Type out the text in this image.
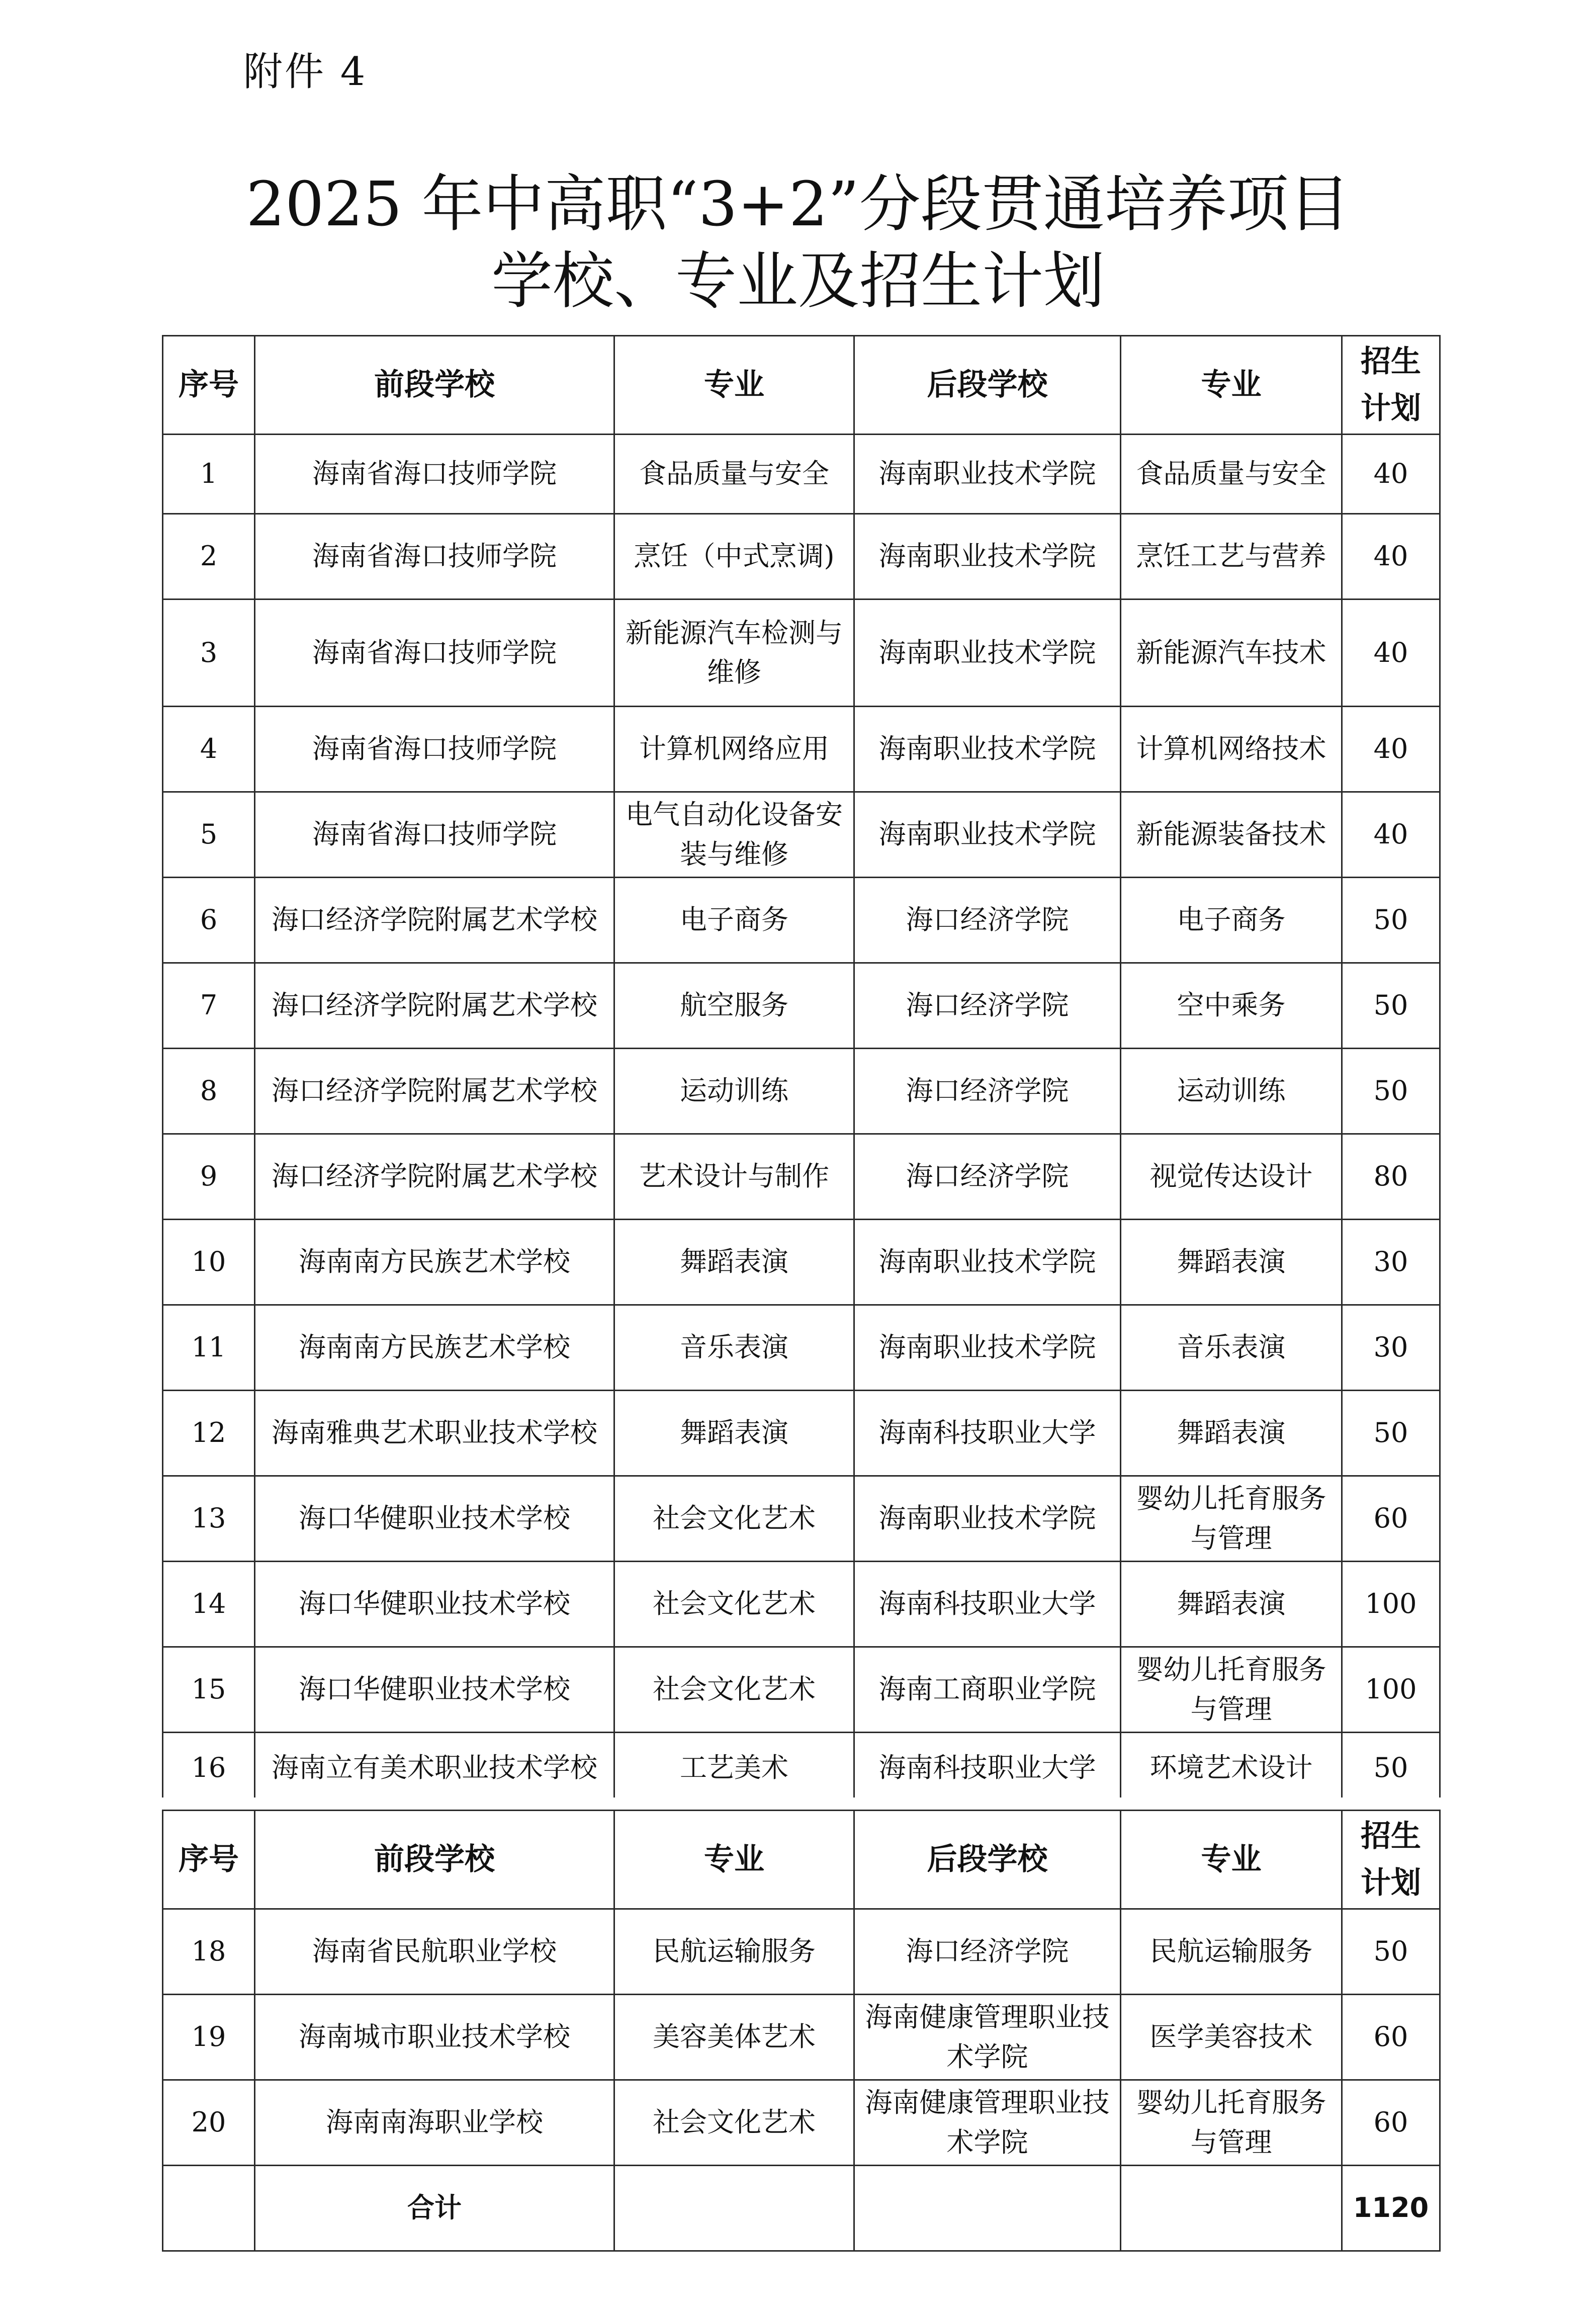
附件 4
2025 年中高职“3+2”分段贯通培养项目
学校、专业及招生计划
序号	前段学校	专业	后段学校	专业	招生计划
1	海南省海口技师学院	食品质量与安全	海南职业技术学院	食品质量与安全	40
2	海南省海口技师学院	烹饪（中式烹调)	海南职业技术学院	烹饪工艺与营养	40
3	海南省海口技师学院	新能源汽车检测与维修	海南职业技术学院	新能源汽车技术	40
4	海南省海口技师学院	计算机网络应用	海南职业技术学院	计算机网络技术	40
5	海南省海口技师学院	电气自动化设备安装与维修	海南职业技术学院	新能源装备技术	40
6	海口经济学院附属艺术学校	电子商务	海口经济学院	电子商务	50
7	海口经济学院附属艺术学校	航空服务	海口经济学院	空中乘务	50
8	海口经济学院附属艺术学校	运动训练	海口经济学院	运动训练	50
9	海口经济学院附属艺术学校	艺术设计与制作	海口经济学院	视觉传达设计	80
10	海南南方民族艺术学校	舞蹈表演	海南职业技术学院	舞蹈表演	30
11	海南南方民族艺术学校	音乐表演	海南职业技术学院	音乐表演	30
12	海南雅典艺术职业技术学校	舞蹈表演	海南科技职业大学	舞蹈表演	50
13	海口华健职业技术学校	社会文化艺术	海南职业技术学院	婴幼儿托育服务与管理	60
14	海口华健职业技术学校	社会文化艺术	海南科技职业大学	舞蹈表演	100
15	海口华健职业技术学校	社会文化艺术	海南工商职业学院	婴幼儿托育服务与管理	100
16	海南立有美术职业技术学校	工艺美术	海南科技职业大学	环境艺术设计	50
序号	前段学校	专业	后段学校	专业	招生计划
18	海南省民航职业学校	民航运输服务	海口经济学院	民航运输服务	50
19	海南城市职业技术学校	美容美体艺术	海南健康管理职业技术学院	医学美容技术	60
20	海南南海职业学校	社会文化艺术	海南健康管理职业技术学院	婴幼儿托育服务与管理	60
	合计				1120
